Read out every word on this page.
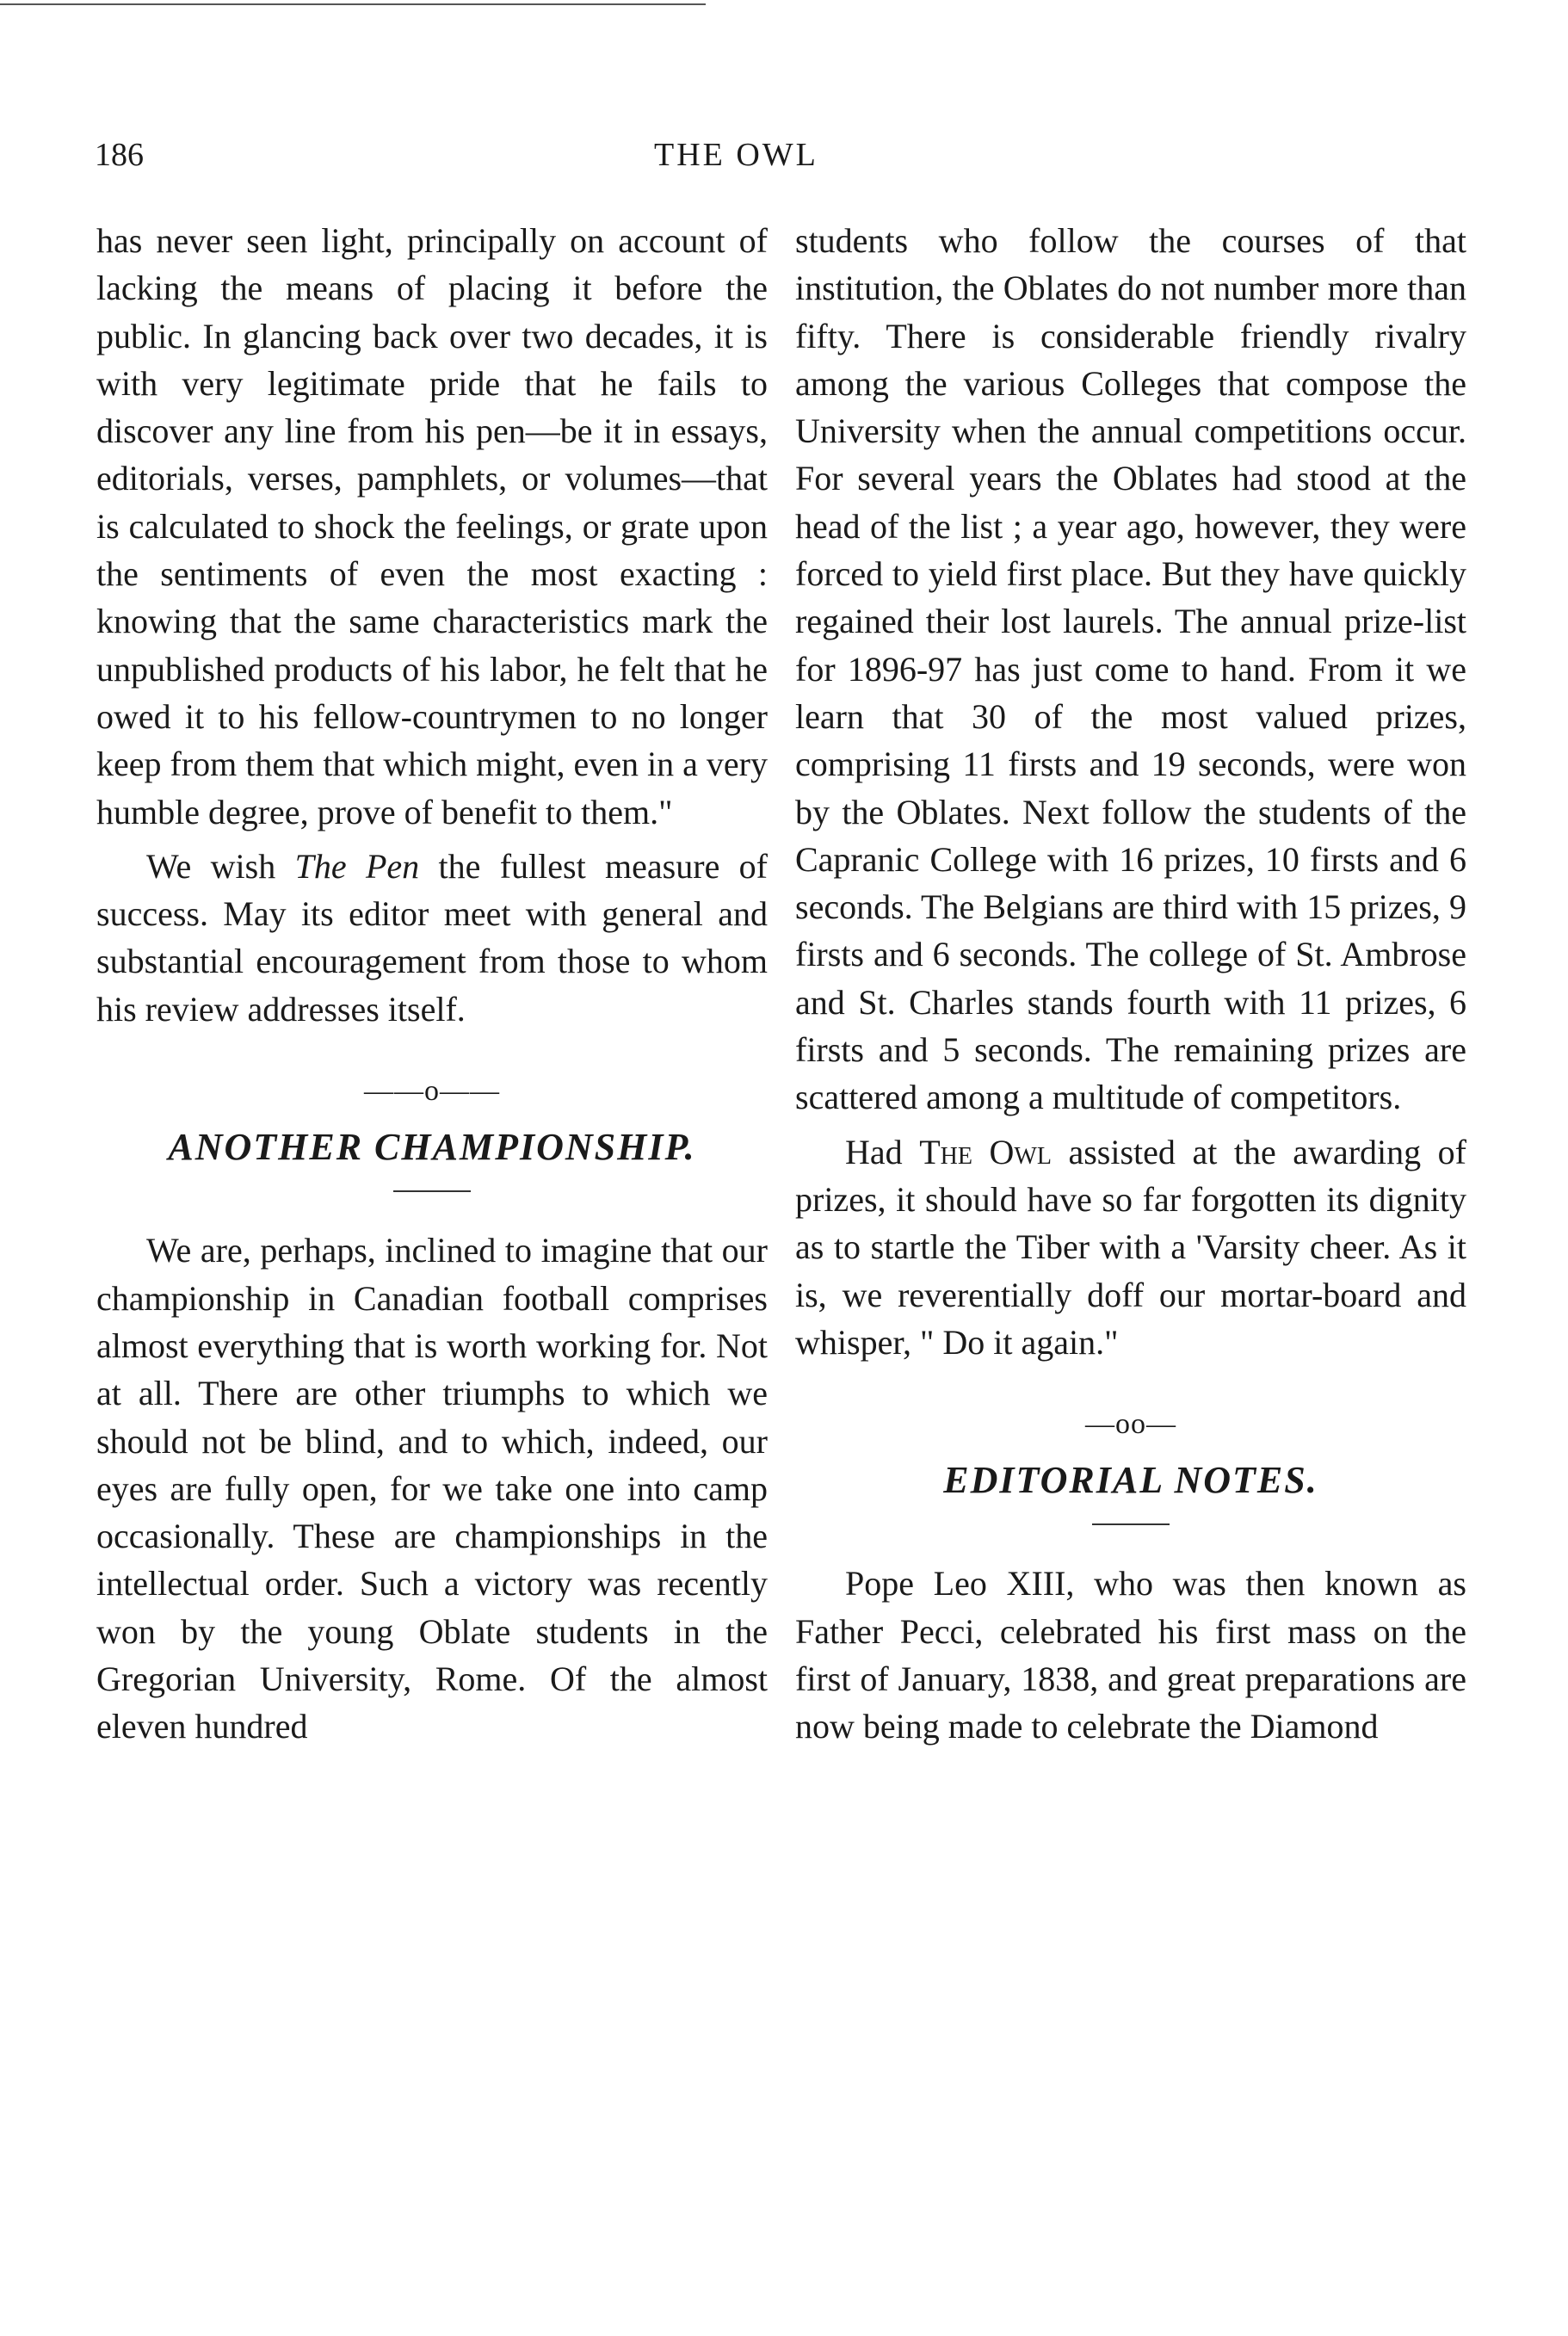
186	THE OWL

has never seen light, principally on account of lacking the means of placing it before the public. In glancing back over two decades, it is with very legitimate pride that he fails to discover any line from his pen—be it in essays, editorials, verses, pamphlets, or volumes—that is calculated to shock the feelings, or grate upon the sentiments of even the most exacting : knowing that the same characteristics mark the unpublished products of his labor, he felt that he owed it to his fellow-countrymen to no longer keep from them that which might, even in a very humble degree, prove of benefit to them."

We wish The Pen the fullest measure of success. May its editor meet with general and substantial encouragement from those to whom his review addresses itself.

——o——
ANOTHER CHAMPIONSHIP.

We are, perhaps, inclined to imagine that our championship in Canadian football comprises almost everything that is worth working for. Not at all. There are other triumphs to which we should not be blind, and to which, indeed, our eyes are fully open, for we take one into camp occasionally. These are championships in the intellectual order. Such a victory was recently won by the young Oblate students in the Gregorian University, Rome. Of the almost eleven hundred

students who follow the courses of that institution, the Oblates do not number more than fifty. There is considerable friendly rivalry among the various Colleges that compose the University when the annual competitions occur. For several years the Oblates had stood at the head of the list ; a year ago, however, they were forced to yield first place. But they have quickly regained their lost laurels. The annual prize-list for 1896-97 has just come to hand. From it we learn that 30 of the most valued prizes, comprising 11 firsts and 19 seconds, were won by the Oblates. Next follow the students of the Capranic College with 16 prizes, 10 firsts and 6 seconds. The Belgians are third with 15 prizes, 9 firsts and 6 seconds. The college of St. Ambrose and St. Charles stands fourth with 11 prizes, 6 firsts and 5 seconds. The remaining prizes are scattered among a multitude of competitors.

Had The Owl assisted at the awarding of prizes, it should have so far forgotten its dignity as to startle the Tiber with a 'Varsity cheer. As it is, we reverentially doff our mortar-board and whisper, " Do it again."

—oo—
EDITORIAL NOTES.

Pope Leo XIII, who was then known as Father Pecci, celebrated his first mass on the first of January, 1838, and great preparations are now being made to celebrate the Diamond
